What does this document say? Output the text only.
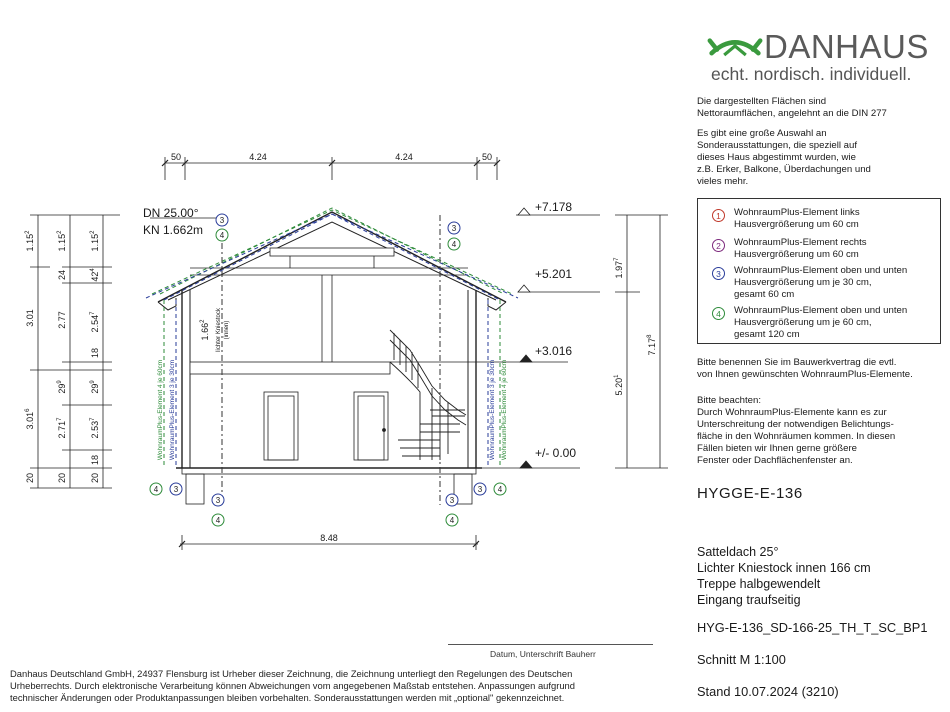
3
4
3
4
4 3
3
4
3
4
3 4
50	4.24	4.24	50
8.48
DN 25.00°
KN 1.662m
+7.178
+5.201
+3.016
+/- 0.00
1.97$^7$
5.20$^1$
7.17$^8$
1.15$^2$
3.01
3.01$^6$
20
1.15$^2$
24
2.77
$29^9$
2.71$^7$
20
1.15$^2$
$42^4$
2.54$^7$
18
$29^9$
2.53$^7$
18
20
1.66$^2$	lichter Kniestock (innen)
WohnraumPlus-Element 4 je 60cm WohnraumPlus-Element 3 je 30cm	WohnraumPlus-Element 3 je 30cm WohnraumPlus-Element 4 je 60cm
DANHAUS
echt. nordisch. individuell.
Die dargestellten Flächen sind
Nettoraumflächen, angelehnt an die DIN 277
Es gibt eine große Auswahl an
Sonderausstattungen, die speziell auf
dieses Haus abgestimmt wurden, wie
z.B. Erker, Balkone, Überdachungen und
vieles mehr.
1	WohnraumPlus-Element links
Hausvergrößerung um 60 cm
2	WohnraumPlus-Element rechts
Hausvergrößerung um 60 cm
3	WohnraumPlus-Element oben und unten
Hausvergrößerung um je 30 cm,
gesamt 60 cm
4	WohnraumPlus-Element oben und unten
Hausvergrößerung um je 60 cm,
gesamt 120 cm
Bitte benennen Sie im Bauwerkvertrag die evtl.
von Ihnen gewünschten WohnraumPlus-Elemente.
Bitte beachten:
Durch WohnraumPlus-Elemente kann es zur
Unterschreitung der notwendigen Belichtungs-
fläche in den Wohnräumen kommen. In diesen
Fällen bieten wir Ihnen gerne größere
Fenster oder Dachflächenfenster an.
HYGGE-E-136
Satteldach 25°
Lichter Kniestock innen 166 cm
Treppe halbgewendelt
Eingang traufseitig
HYG-E-136_SD-166-25_TH_T_SC_BP1
Schnitt M 1:100
Stand 10.07.2024 (3210)
Datum, Unterschrift Bauherr
Danhaus Deutschland GmbH, 24937 Flensburg ist Urheber dieser Zeichnung, die Zeichnung unterliegt den Regelungen des Deutschen
Urheberrechts. Durch elektronische Verarbeitung können Abweichungen vom angegebenen Maßstab entstehen. Anpassungen aufgrund
technischer Änderungen oder Produktanpassungen bleiben vorbehalten. Sonderausstattungen werden mit „optional" gekennzeichnet.
